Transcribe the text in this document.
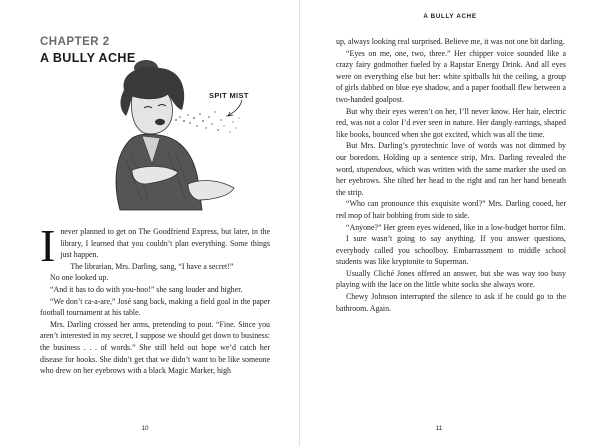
CHAPTER 2
A BULLY ACHE
SPIT MIST

Inever planned to get on The Goodfriend Express, but later, in the library, I learned that you couldn’t plan everything. Some things just happen.

The librarian, Mrs. Darling, sang, “I have a secret!”

No one looked up.

“And it has to do with you-hoo!” she sang louder and higher.

“We don’t ca-a-are,” José sang back, making a field goal in the paper football tournament at his table.

Mrs. Darling crossed her arms, pretending to pout. “Fine. Since you aren’t interested in my secret, I suppose we should get down to business: the business . . . of words.” She still held out hope we’d catch her disease for books. She didn’t get that we didn’t want to be like someone who drew on her eyebrows with a black Magic Marker, high

10
A BULLY ACHE

up, always looking real surprised. Believe me, it was not one bit darling.

“Eyes on me, one, two, three.” Her chipper voice sounded like a crazy fairy godmother fueled by a Rapstar Energy Drink. And all eyes were on everything else but her: white spitballs hit the ceiling, a group of girls dabbed on blue eye shadow, and a paper football flew between a two-handed goalpost.

But why their eyes weren’t on her, I’ll never know. Her hair, electric red, was not a color I’d ever seen in nature. Her dangly earrings, shaped like books, bounced when she got excited, which was all the time.

But Mrs. Darling’s pyrotechnic love of words was not dimmed by our boredom. Holding up a sentence strip, Mrs. Darling revealed the word, stupendous, which was written with the same marker she used on her eyebrows. She tilted her head to the right and ran her hand beneath the strip.

“Who can pronounce this exquisite word?” Mrs. Darling cooed, her red mop of hair bobbing from side to side.

“Anyone?” Her green eyes widened, like in a low-budget horror film.

I sure wasn’t going to say anything. If you answer questions, everybody called you schoolboy. Embarrassment to middle school students was like kryptonite to Superman.

Usually Cliché Jones offered an answer, but she was way too busy playing with the lace on the little white socks she always wore.

Chewy Johnson interrupted the silence to ask if he could go to the bathroom. Again.

11
